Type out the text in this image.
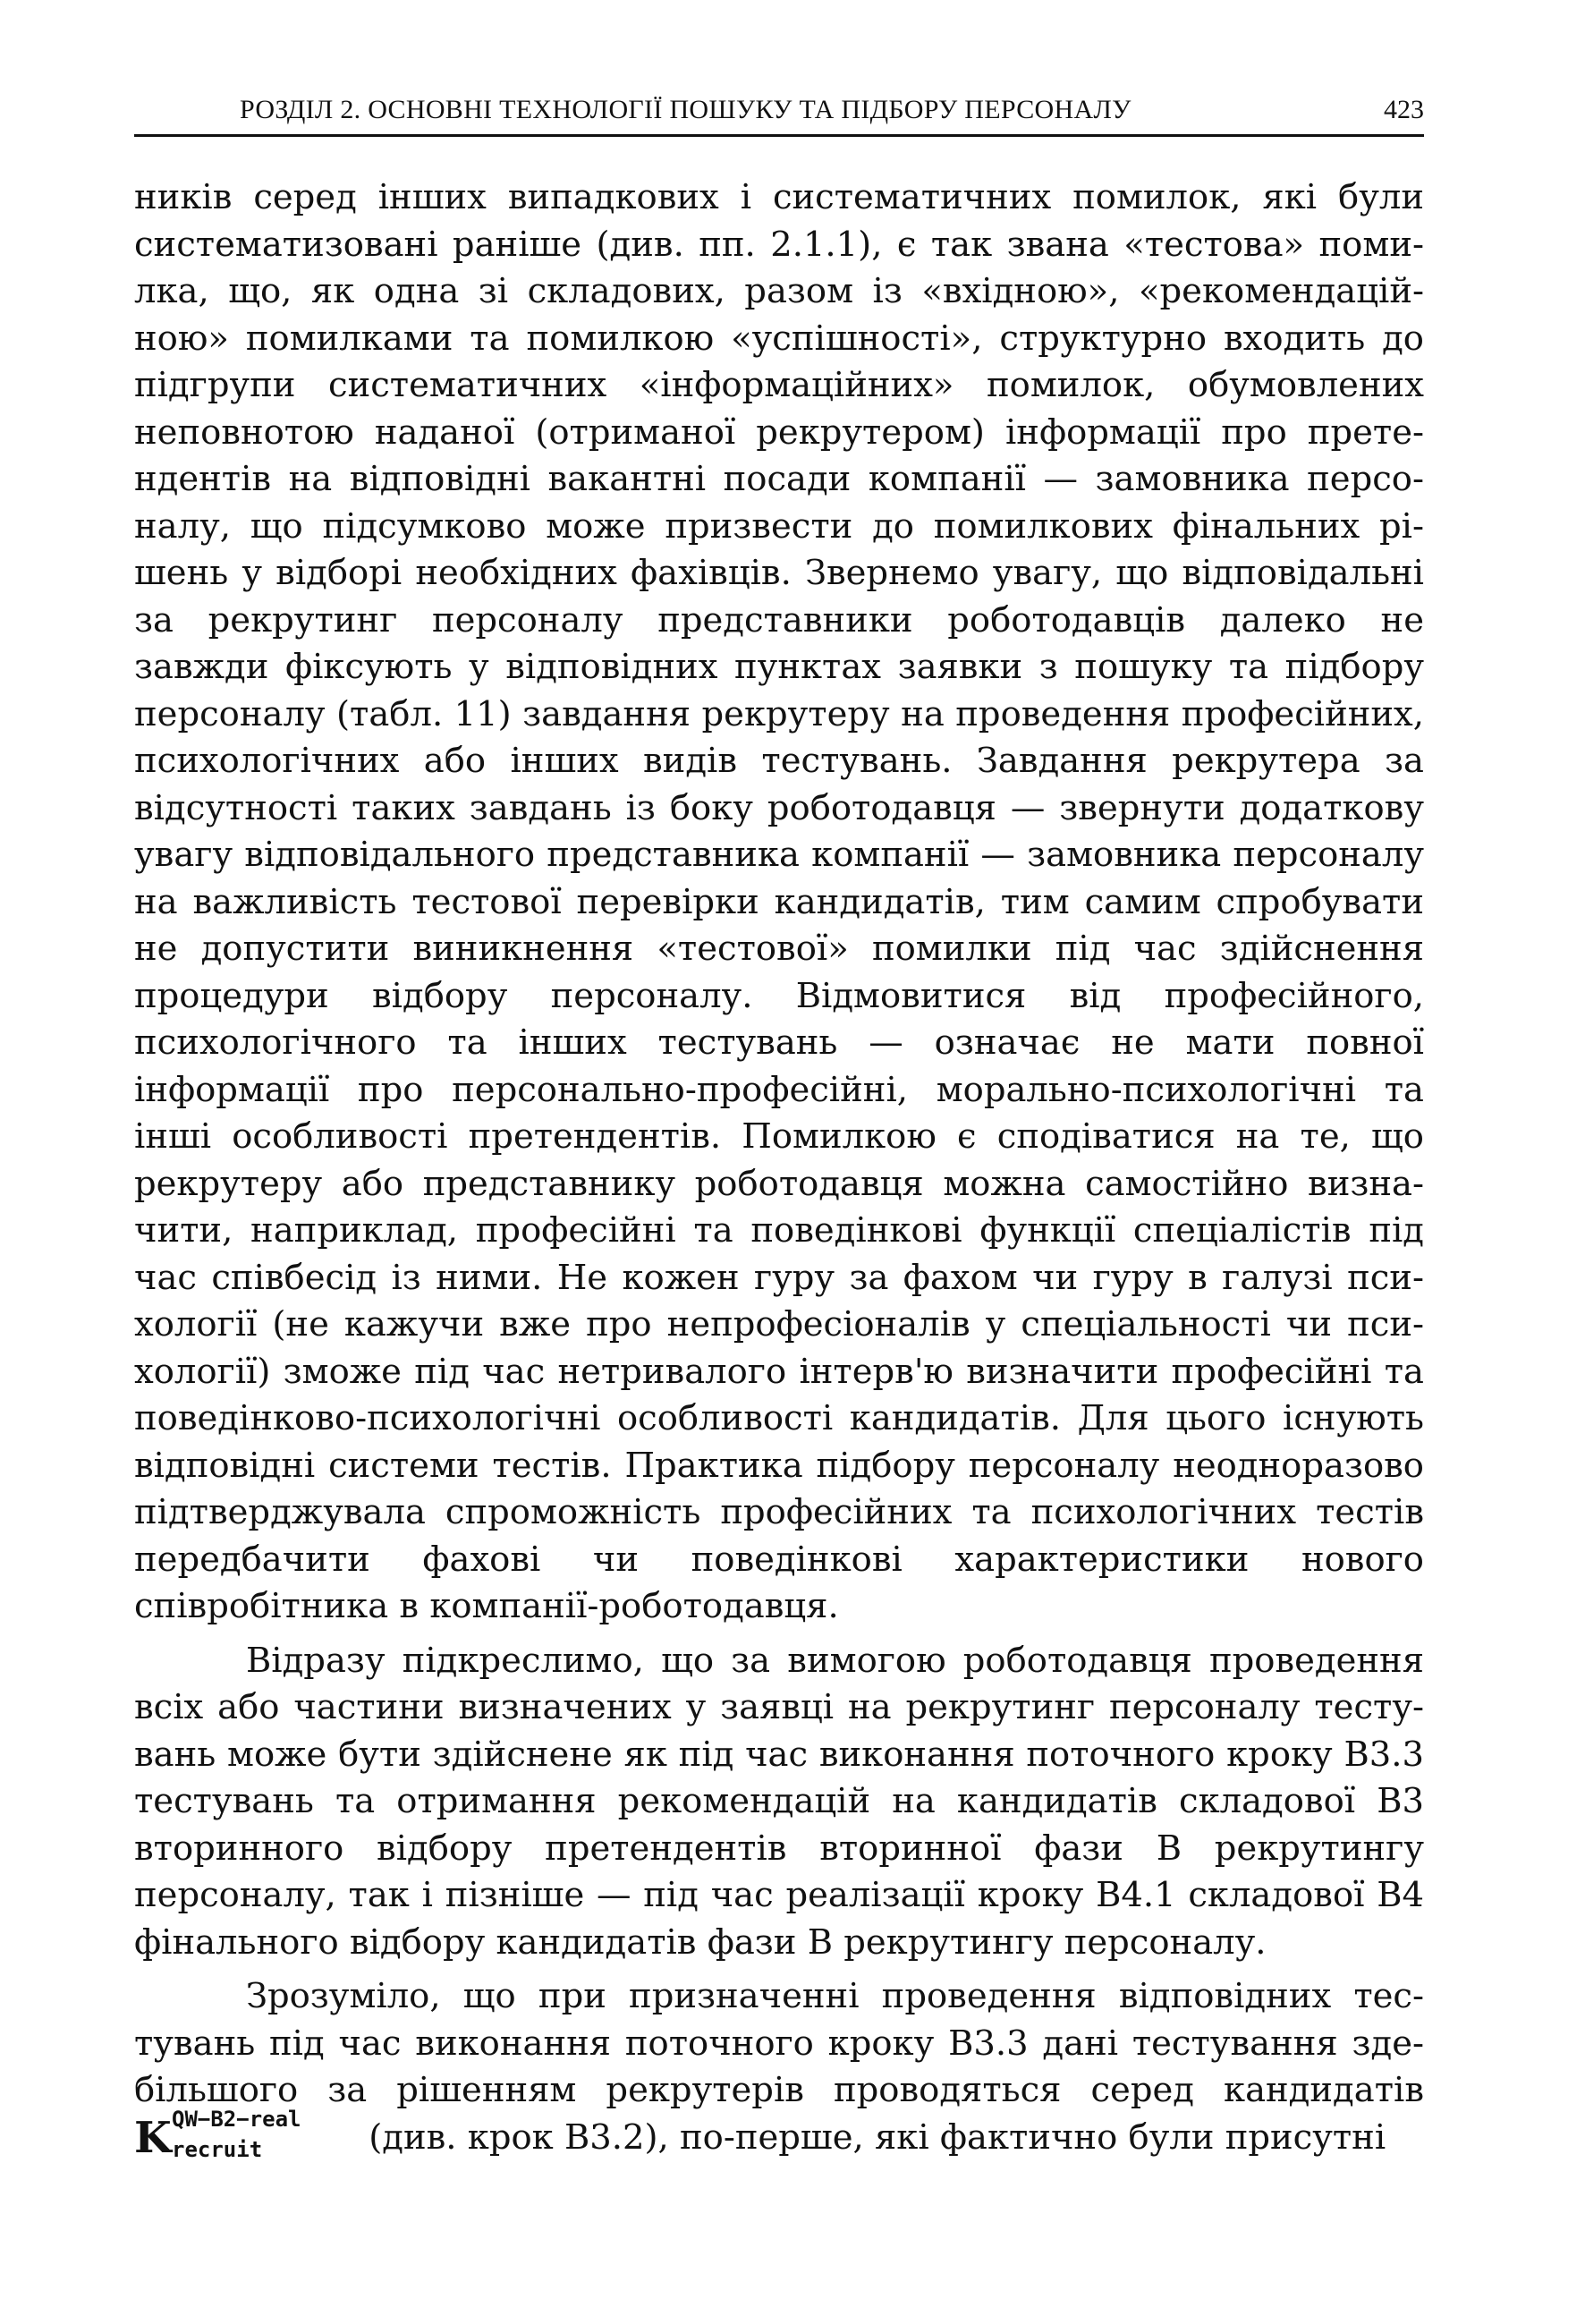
РОЗДІЛ 2. ОСНОВНІ ТЕХНОЛОГІЇ ПОШУКУ ТА ПІДБОРУ ПЕРСОНАЛУ	423

ників серед інших випадкових і систематичних помилок, які були систематизовані раніше (див. пп. 2.1.1), є так звана «тестова» помилка, що, як одна зі складових, разом із «вхідною», «рекомендаційною» помилками та помилкою «успішності», структурно входить до підгрупи систематичних «інформаційних» помилок, обумовлених неповнотою наданої (отриманої рекрутером) інформації про претендентів на відповідні вакантні посади компанії — замовника персоналу, що підсумково може призвести до помилкових фінальних рішень у відборі необхідних фахівців. Звернемо увагу, що відповідальні за рекрутинг персоналу представники роботодавців далеко не завжди фіксують у відповідних пунктах заявки з пошуку та підбору персоналу (табл. 11) завдання рекрутеру на проведення професійних, психологічних або інших видів тестувань. Завдання рекрутера за відсутності таких завдань із боку роботодавця — звернути додаткову увагу відповідального представника компанії — замовника персоналу на важливість тестової перевірки кандидатів, тим самим спробувати не допустити виникнення «тестової» помилки під час здійснення процедури відбору персоналу. Відмовитися від професійного, психологічного та інших тестувань — означає не мати повної інформації про персонально-професійні, морально-психологічні та інші особливості претендентів. Помилкою є сподіватися на те, що рекрутеру або представнику роботодавця можна самостійно визначити, наприклад, професійні та поведінкові функції спеціалістів під час співбесід із ними. Не кожен гуру за фахом чи гуру в галузі психології (не кажучи вже про непрофесіоналів у спеціальності чи психології) зможе під час нетривалого інтерв'ю визначити професійні та поведінково-психологічні особливості кандидатів. Для цього існують відповідні системи тестів. Практика підбору персоналу неодноразово підтверджувала спроможність професійних та психологічних тестів передбачити фахові чи поведінкові характеристики нового співробітника в компанії-роботодавця.

Відразу підкреслимо, що за вимогою роботодавця проведення всіх або частини визначених у заявці на рекрутинг персоналу тестувань може бути здійснене як під час виконання поточного кроку В3.3 тестувань та отримання рекомендацій на кандидатів складової В3 вторинного відбору претендентів вторинної фази В рекрутингу персоналу, так і пізніше — під час реалізації кроку В4.1 складової В4 фінального відбору кандидатів фази В рекрутингу персоналу.

Зрозуміло, що при призначенні проведення відповідних тестувань під час виконання поточного кроку В3.3 дані тестування здебільшого за рішенням рекрутерів проводяться серед кандидатів
K QW−B2−real
recruit	(див. крок В3.2), по-перше, які фактично були присутні
